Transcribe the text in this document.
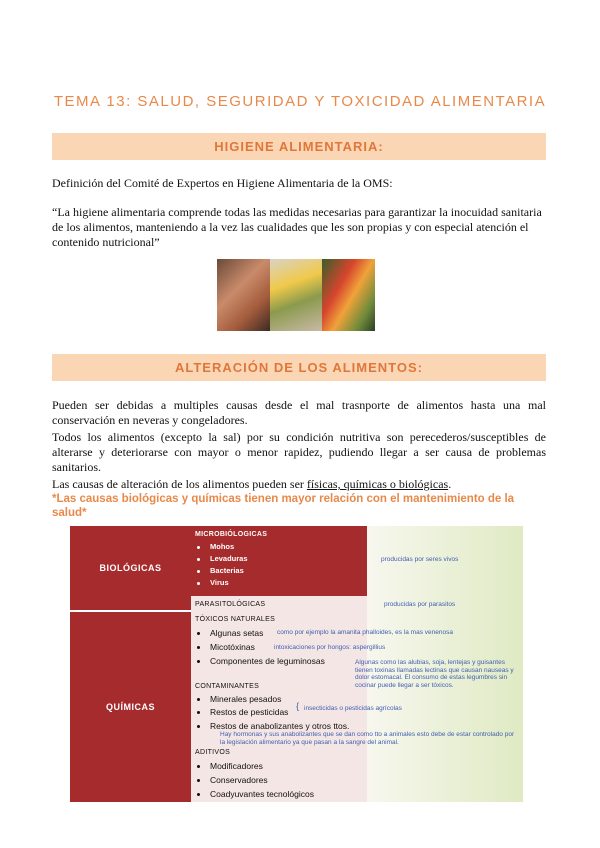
TEMA 13: SALUD, SEGURIDAD Y TOXICIDAD ALIMENTARIA
HIGIENE ALIMENTARIA:
Definición del Comité de Expertos en Higiene Alimentaria de la OMS:
“La higiene alimentaria comprende todas las medidas necesarias para garantizar la inocuidad sanitaria de los alimentos, manteniendo a la vez las cualidades que les son propias y con especial atención el contenido nutricional”
ALTERACIÓN DE LOS ALIMENTOS:
Pueden ser debidas a multiples causas desde el mal trasnporte de alimentos hasta una mal conservación en neveras y congeladores.
Todos los alimentos (excepto la sal) por su condición nutritiva son perecederos/susceptibles de alterarse y deteriorarse con mayor o menor rapidez, pudiendo llegar a ser causa de problemas sanitarios.
Las causas de alteración de los alimentos pueden ser físicas, químicas o biológicas.
*Las causas biológicas y químicas tienen mayor relación con el mantenimiento de la salud*
BIOLÓGICAS
QUÍMICAS
MICROBIÓLOGICAS
Mohos
Levaduras
Bacterias
Virus
PARASITOLÓGICAS
TÓXICOS NATURALES
Algunas setas
Micotóxinas
Componentes de leguminosas
CONTAMINANTES
Minerales pesados
Restos de pesticidas
Restos de anabolizantes y otros ttos.
ADITIVOS
Modificadores
Conservadores
Coadyuvantes tecnológicos
producidas por seres vivos
producidas por parasitos
como por ejemplo la amanita phalloides, es la mas venenosa
intoxicaciones por hongos: aspergillius
Algunas como las alubias, soja, lentejas y guisantes tienen toxinas llamadas lectinas que causan nauseas y dolor estomacal. El consumo de estas legumbres sin cocinar puede llegar a ser tóxicos.
{ insecticidas o pesticidas agrícolas
Hay hormonas y sus anabolizantes que se dan como tto a animales esto debe de estar controlado por la legislación alimentario ya que pasan a la sangre del animal.
